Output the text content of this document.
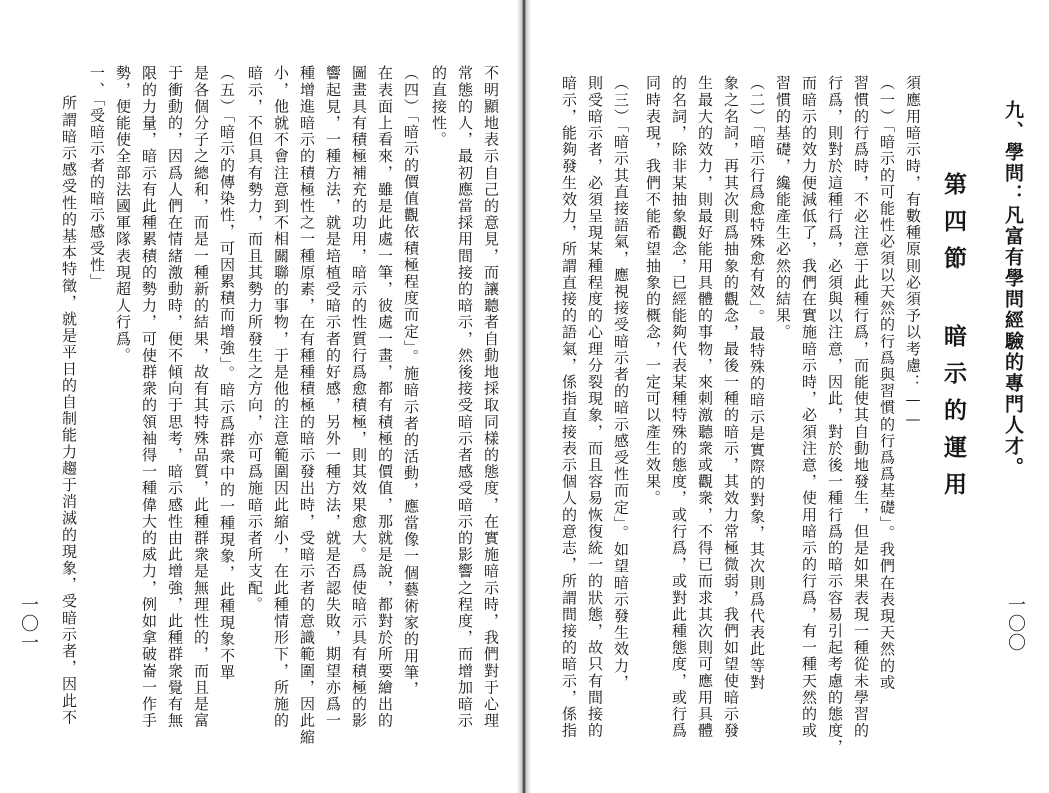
一〇〇
九、學問：凡富有學問經驗的專門人才。
第四節 暗示的運用
須應用暗示時，有數種原則必須予以考慮：——
（一）「暗示的可能性必須以天然的行爲與習慣的行爲爲基礎」。我們在表現天然的或
習慣的行爲時，不必注意于此種行爲，而能使其自動地發生，但是如果表現一種從未學習的
行爲，則對於這種行爲，必須與以注意，因此，對於後一種行爲的暗示容易引起考慮的態度，
而暗示的效力便減低了，我們在實施暗示時，必須注意，使用暗示的行爲，有一種天然的或
習慣的基礎，纔能產生必然的結果。
（二）「暗示行爲愈特殊愈有效」。最特殊的暗示是實際的對象，其次則爲代表此等對
象之名詞，再其次則爲抽象的觀念，最後一種的暗示，其效力常極微弱，我們如望使暗示發
生最大的效力，則最好能用具體的事物，來刺激聽衆或觀衆，不得已而求其次則可應用具體
的名詞，除非某抽象觀念，已經能夠代表某種特殊的態度，或行爲，或對此種態度，或行爲
同時表現，我們不能希望抽象的概念，一定可以產生效果。
（三）「暗示其直接語氣，應視接受暗示者的暗示感受性而定」。如望暗示發生效力，
則受暗示者，必須呈現某種程度的心理分裂現象，而且容易恢復統一的狀態，故只有間接的
暗示，能夠發生效力，所謂直接的語氣，係指直接表示個人的意志，所謂間接的暗示，係指
不明顯地表示自己的意見，而讓聽者自動地採取同樣的態度，在實施暗示時，我們對于心理
常態的人，最初應當採用間接的暗示，然後接受暗示者感受暗示的影響之程度，而增加暗示
的直接性。
（四）「暗示的價值觀依積極程度而定」。施暗示者的活動，應當像一個藝術家的用筆，
在表面上看來，雖是此處一筆，彼處一畫，都有積極的價值，那就是說，都對於所要繪出的
圖畫具有積極補充的功用，暗示的性質行爲愈積極，則其效果愈大。爲使暗示具有積極的影
響起見，一種方法，就是培植受暗示者的好感，另外一種方法，就是否認失敗，期望亦爲一
種增進暗示的積極性之一種原素，在有種種積極的暗示發出時，受暗示者的意識範圍，因此縮
小，他就不會注意到不相關聯的事物，于是他的注意範圍因此縮小，在此種情形下，所施的
暗示，不但具有勢力，而且其勢力所發生之方向，亦可爲施暗示者所支配。
（五）「暗示的傳染性，可因累積而增強」。暗示爲群衆中的一種現象，此種現象不單
是各個分子之總和，而是一種新的結果，故有其特殊品質，此種群衆是無理性的，而且是富
于衝動的，因爲人們在情緒激動時，便不傾向于思考，暗示感性由此增強，此種群衆覺有無
限的力量，暗示有此種累積的勢力，可使群衆的領袖得一種偉大的威力，例如拿破崙一作手
勢，便能使全部法國軍隊表現超人行爲。
一、「受暗示者的暗示感受性」
所謂暗示感受性的基本特徵，就是平日的自制能力趨于消滅的現象，受暗示者，因此不
一〇一
